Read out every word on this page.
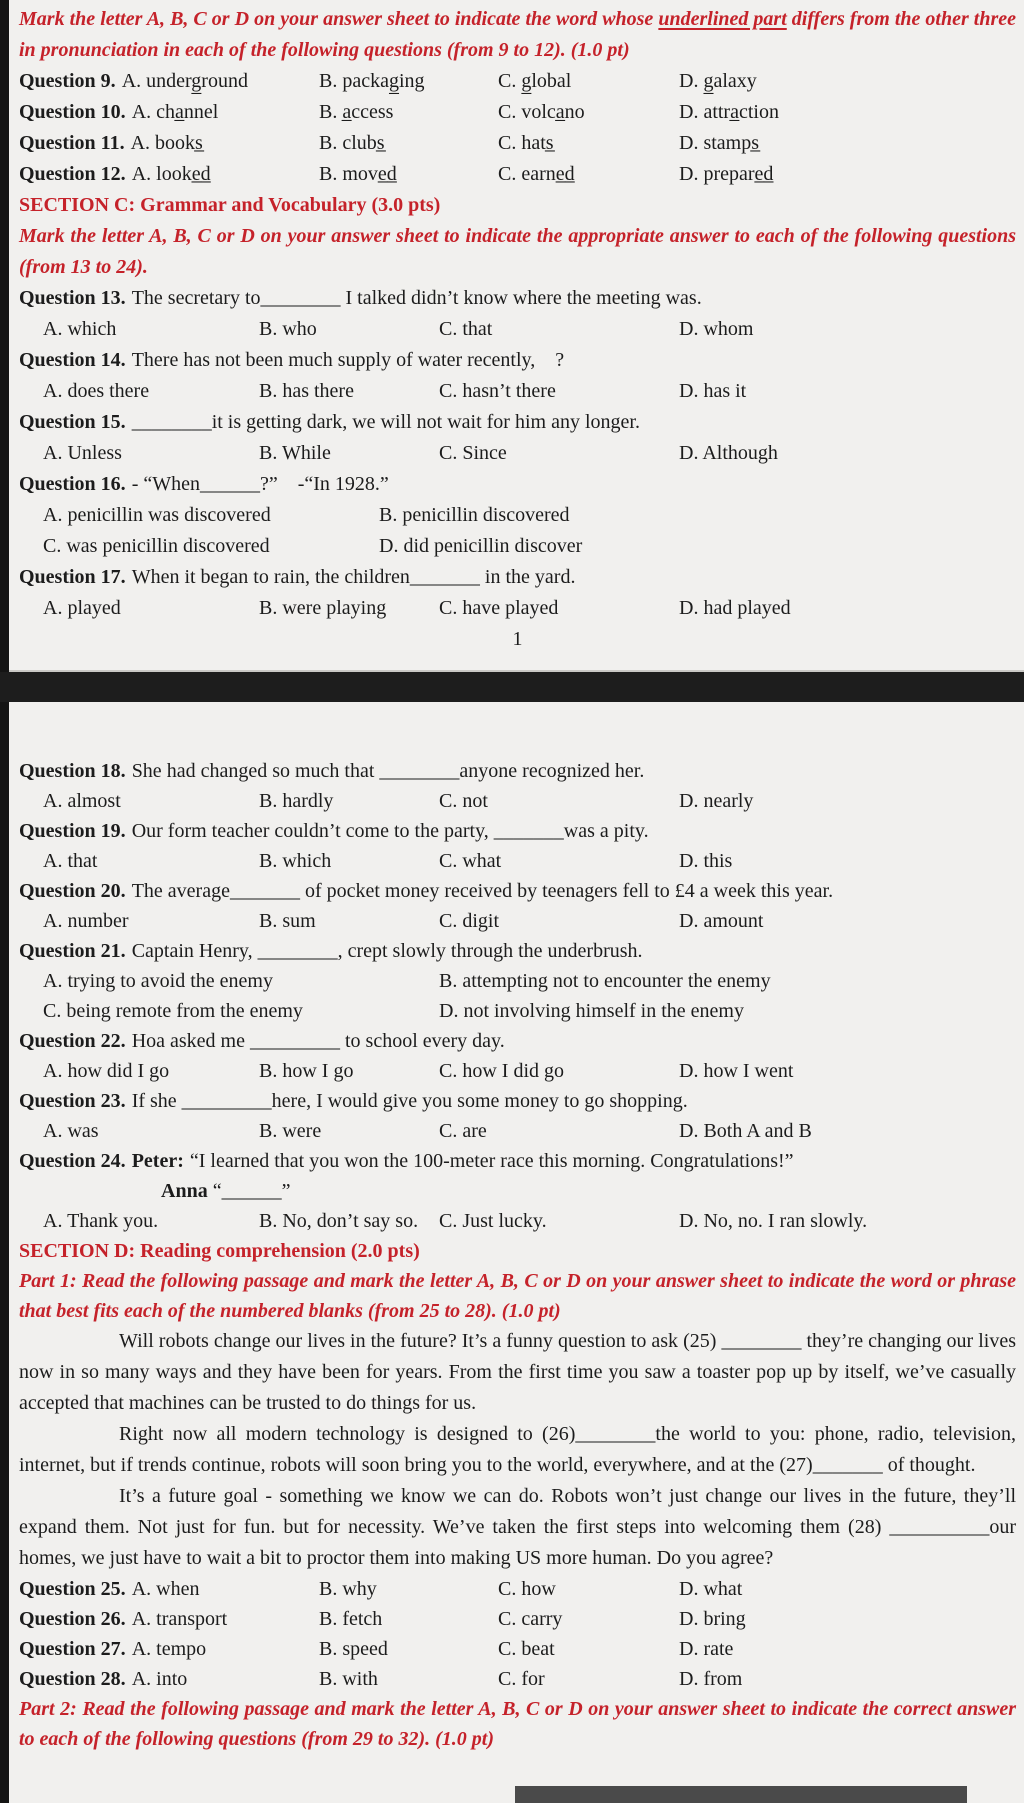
Mark the letter A, B, C or D on your answer sheet to indicate the word whose underlined part differs from the other three in pronunciation in each of the following questions (from 9 to 12). (1.0 pt)

Question 9. A. underg̲round	B. packag̲ing	C. g̲lobal	D. g̲alaxy
Question 10. A. cha̲nnel	B. a̲ccess	C. volca̲no	D. attra̲ction
Question 11. A. books̲	B. clubs̲	C. hats̲	D. stamps̲
Question 12. A. looke̲d̲	B. move̲d̲	C. earne̲d̲	D. prepare̲d̲
SECTION C: Grammar and Vocabulary (3.0 pts)

Mark the letter A, B, C or D on your answer sheet to indicate the appropriate answer to each of the following questions (from 13 to 24).

Question 13. The secretary to________ I talked didn’t know where the meeting was.
A. which	B. who	C. that	D. whom
Question 14. There has not been much supply of water recently,    ?
A. does there	B. has there	C. hasn’t there	D. has it
Question 15. ________it is getting dark, we will not wait for him any longer.
A. Unless	B. While	C. Since	D. Although
Question 16. - “When______?”    -“In 1928.”
A. penicillin was discovered	B. penicillin discovered
C. was penicillin discovered	D. did penicillin discover
Question 17. When it began to rain, the children_______ in the yard.
A. played	B. were playing	C. have played	D. had played
1
Question 18. She had changed so much that ________anyone recognized her.
A. almost	B. hardly	C. not	D. nearly
Question 19. Our form teacher couldn’t come to the party, _______was a pity.
A. that	B. which	C. what	D. this
Question 20. The average_______ of pocket money received by teenagers fell to £4 a week this year.
A. number	B. sum	C. digit	D. amount
Question 21. Captain Henry, ________, crept slowly through the underbrush.
A. trying to avoid the enemy	B. attempting not to encounter the enemy
C. being remote from the enemy	D. not involving himself in the enemy
Question 22. Hoa asked me _________ to school every day.
A. how did I go	B. how I go	C. how I did go	D. how I went
Question 23. If she _________here, I would give you some money to go shopping.
A. was	B. were	C. are	D. Both A and B
Question 24. Peter: “I learned that you won the 100-meter race this morning. Congratulations!”
Anna “______”
A. Thank you.	B. No, don’t say so. C. Just lucky.	D. No, no. I ran slowly.
SECTION D: Reading comprehension (2.0 pts)

Part 1: Read the following passage and mark the letter A, B, C or D on your answer sheet to indicate the word or phrase that best fits each of the numbered blanks (from 25 to 28). (1.0 pt)

Will robots change our lives in the future? It’s a funny question to ask (25) ________ they’re changing our lives now in so many ways and they have been for years. From the first time you saw a toaster pop up by itself, we’ve casually accepted that machines can be trusted to do things for us.

Right now all modern technology is designed to (26)________the world to you: phone, radio, television, internet, but if trends continue, robots will soon bring you to the world, everywhere, and at the (27)_______ of thought.

It’s a future goal - something we know we can do. Robots won’t just change our lives in the future, they’ll expand them. Not just for fun. but for necessity. We’ve taken the first steps into welcoming them (28) __________our homes, we just have to wait a bit to proctor them into making US more human. Do you agree?

Question 25. A. when	B. why	C. how	D. what
Question 26. A. transport	B. fetch	C. carry	D. bring
Question 27. A. tempo	B. speed	C. beat	D. rate
Question 28. A. into	B. with	C. for	D. from

Part 2: Read the following passage and mark the letter A, B, C or D on your answer sheet to indicate the correct answer to each of the following questions (from 29 to 32). (1.0 pt)
